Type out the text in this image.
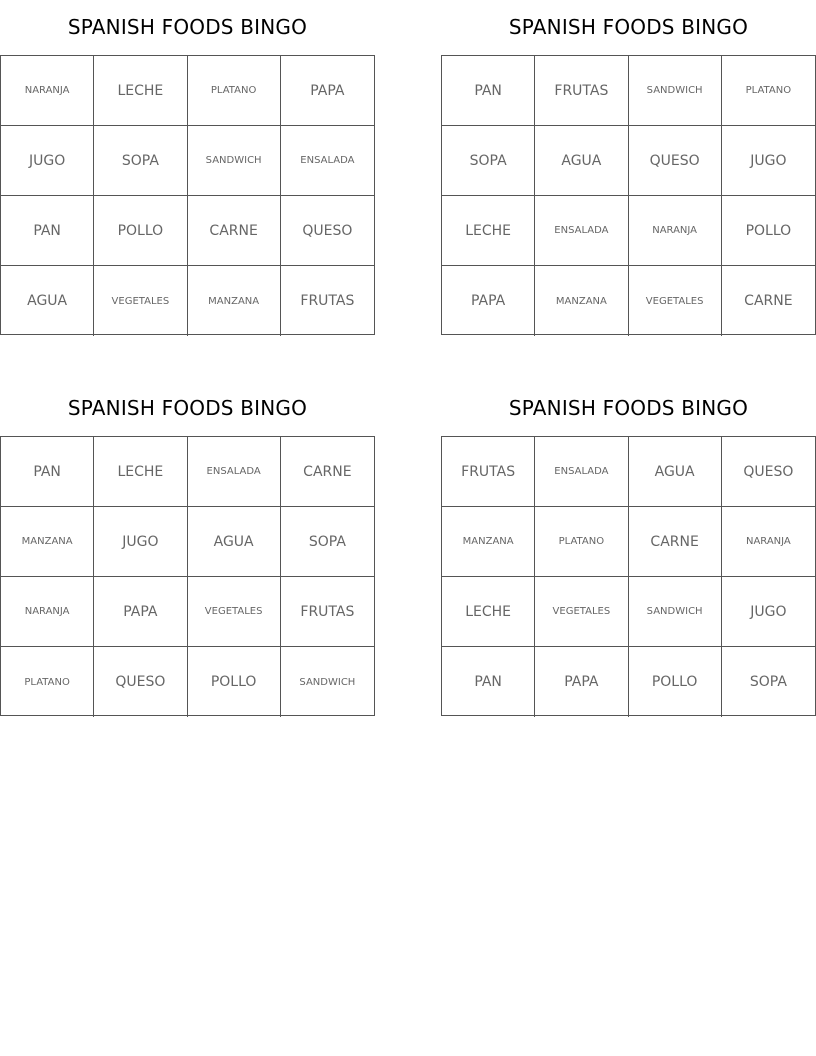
SPANISH FOODS BINGO
NARANJA	LECHE	PLATANO	PAPA
JUGO	SOPA	SANDWICH	ENSALADA
PAN	POLLO	CARNE	QUESO
AGUA	VEGETALES	MANZANA	FRUTAS
SPANISH FOODS BINGO
PAN	FRUTAS	SANDWICH	PLATANO
SOPA	AGUA	QUESO	JUGO
LECHE	ENSALADA	NARANJA	POLLO
PAPA	MANZANA	VEGETALES	CARNE
SPANISH FOODS BINGO
PAN	LECHE	ENSALADA	CARNE
MANZANA	JUGO	AGUA	SOPA
NARANJA	PAPA	VEGETALES	FRUTAS
PLATANO	QUESO	POLLO	SANDWICH
SPANISH FOODS BINGO
FRUTAS	ENSALADA	AGUA	QUESO
MANZANA	PLATANO	CARNE	NARANJA
LECHE	VEGETALES	SANDWICH	JUGO
PAN	PAPA	POLLO	SOPA
